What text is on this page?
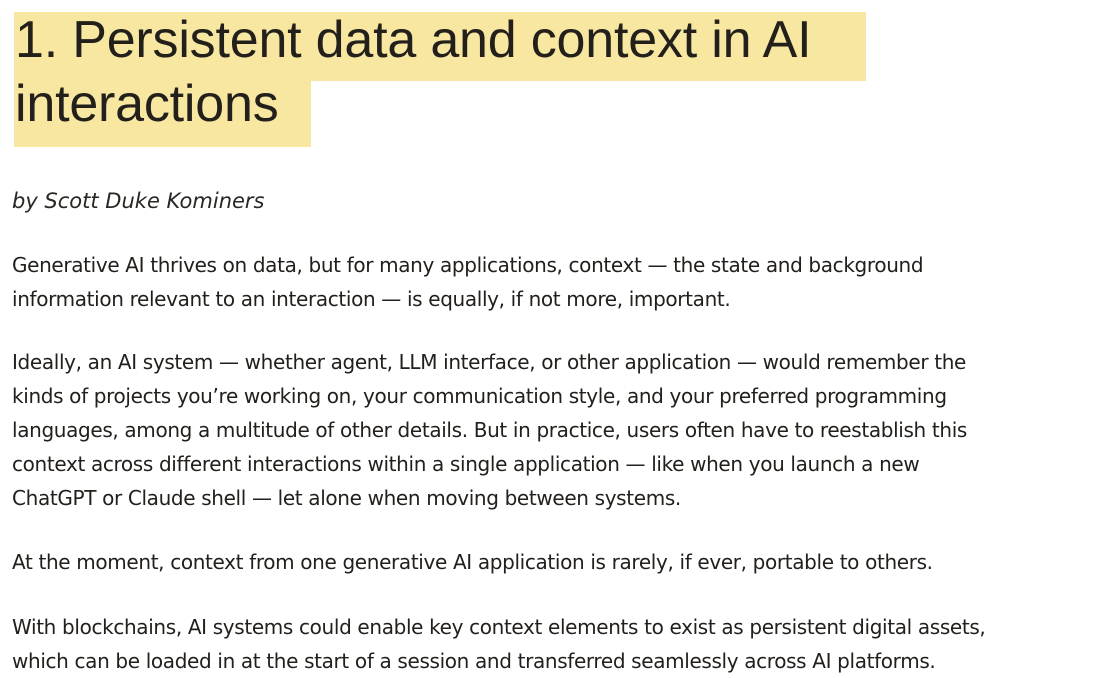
1. Persistent data and context in AI
interactions

by Scott Duke Kominers

Generative AI thrives on data, but for many applications, context — the state and background
information relevant to an interaction — is equally, if not more, important.

Ideally, an AI system — whether agent, LLM interface, or other application — would remember the
kinds of projects you’re working on, your communication style, and your preferred programming
languages, among a multitude of other details. But in practice, users often have to reestablish this
context across different interactions within a single application — like when you launch a new
ChatGPT or Claude shell — let alone when moving between systems.

At the moment, context from one generative AI application is rarely, if ever, portable to others.

With blockchains, AI systems could enable key context elements to exist as persistent digital assets,
which can be loaded in at the start of a session and transferred seamlessly across AI platforms.
